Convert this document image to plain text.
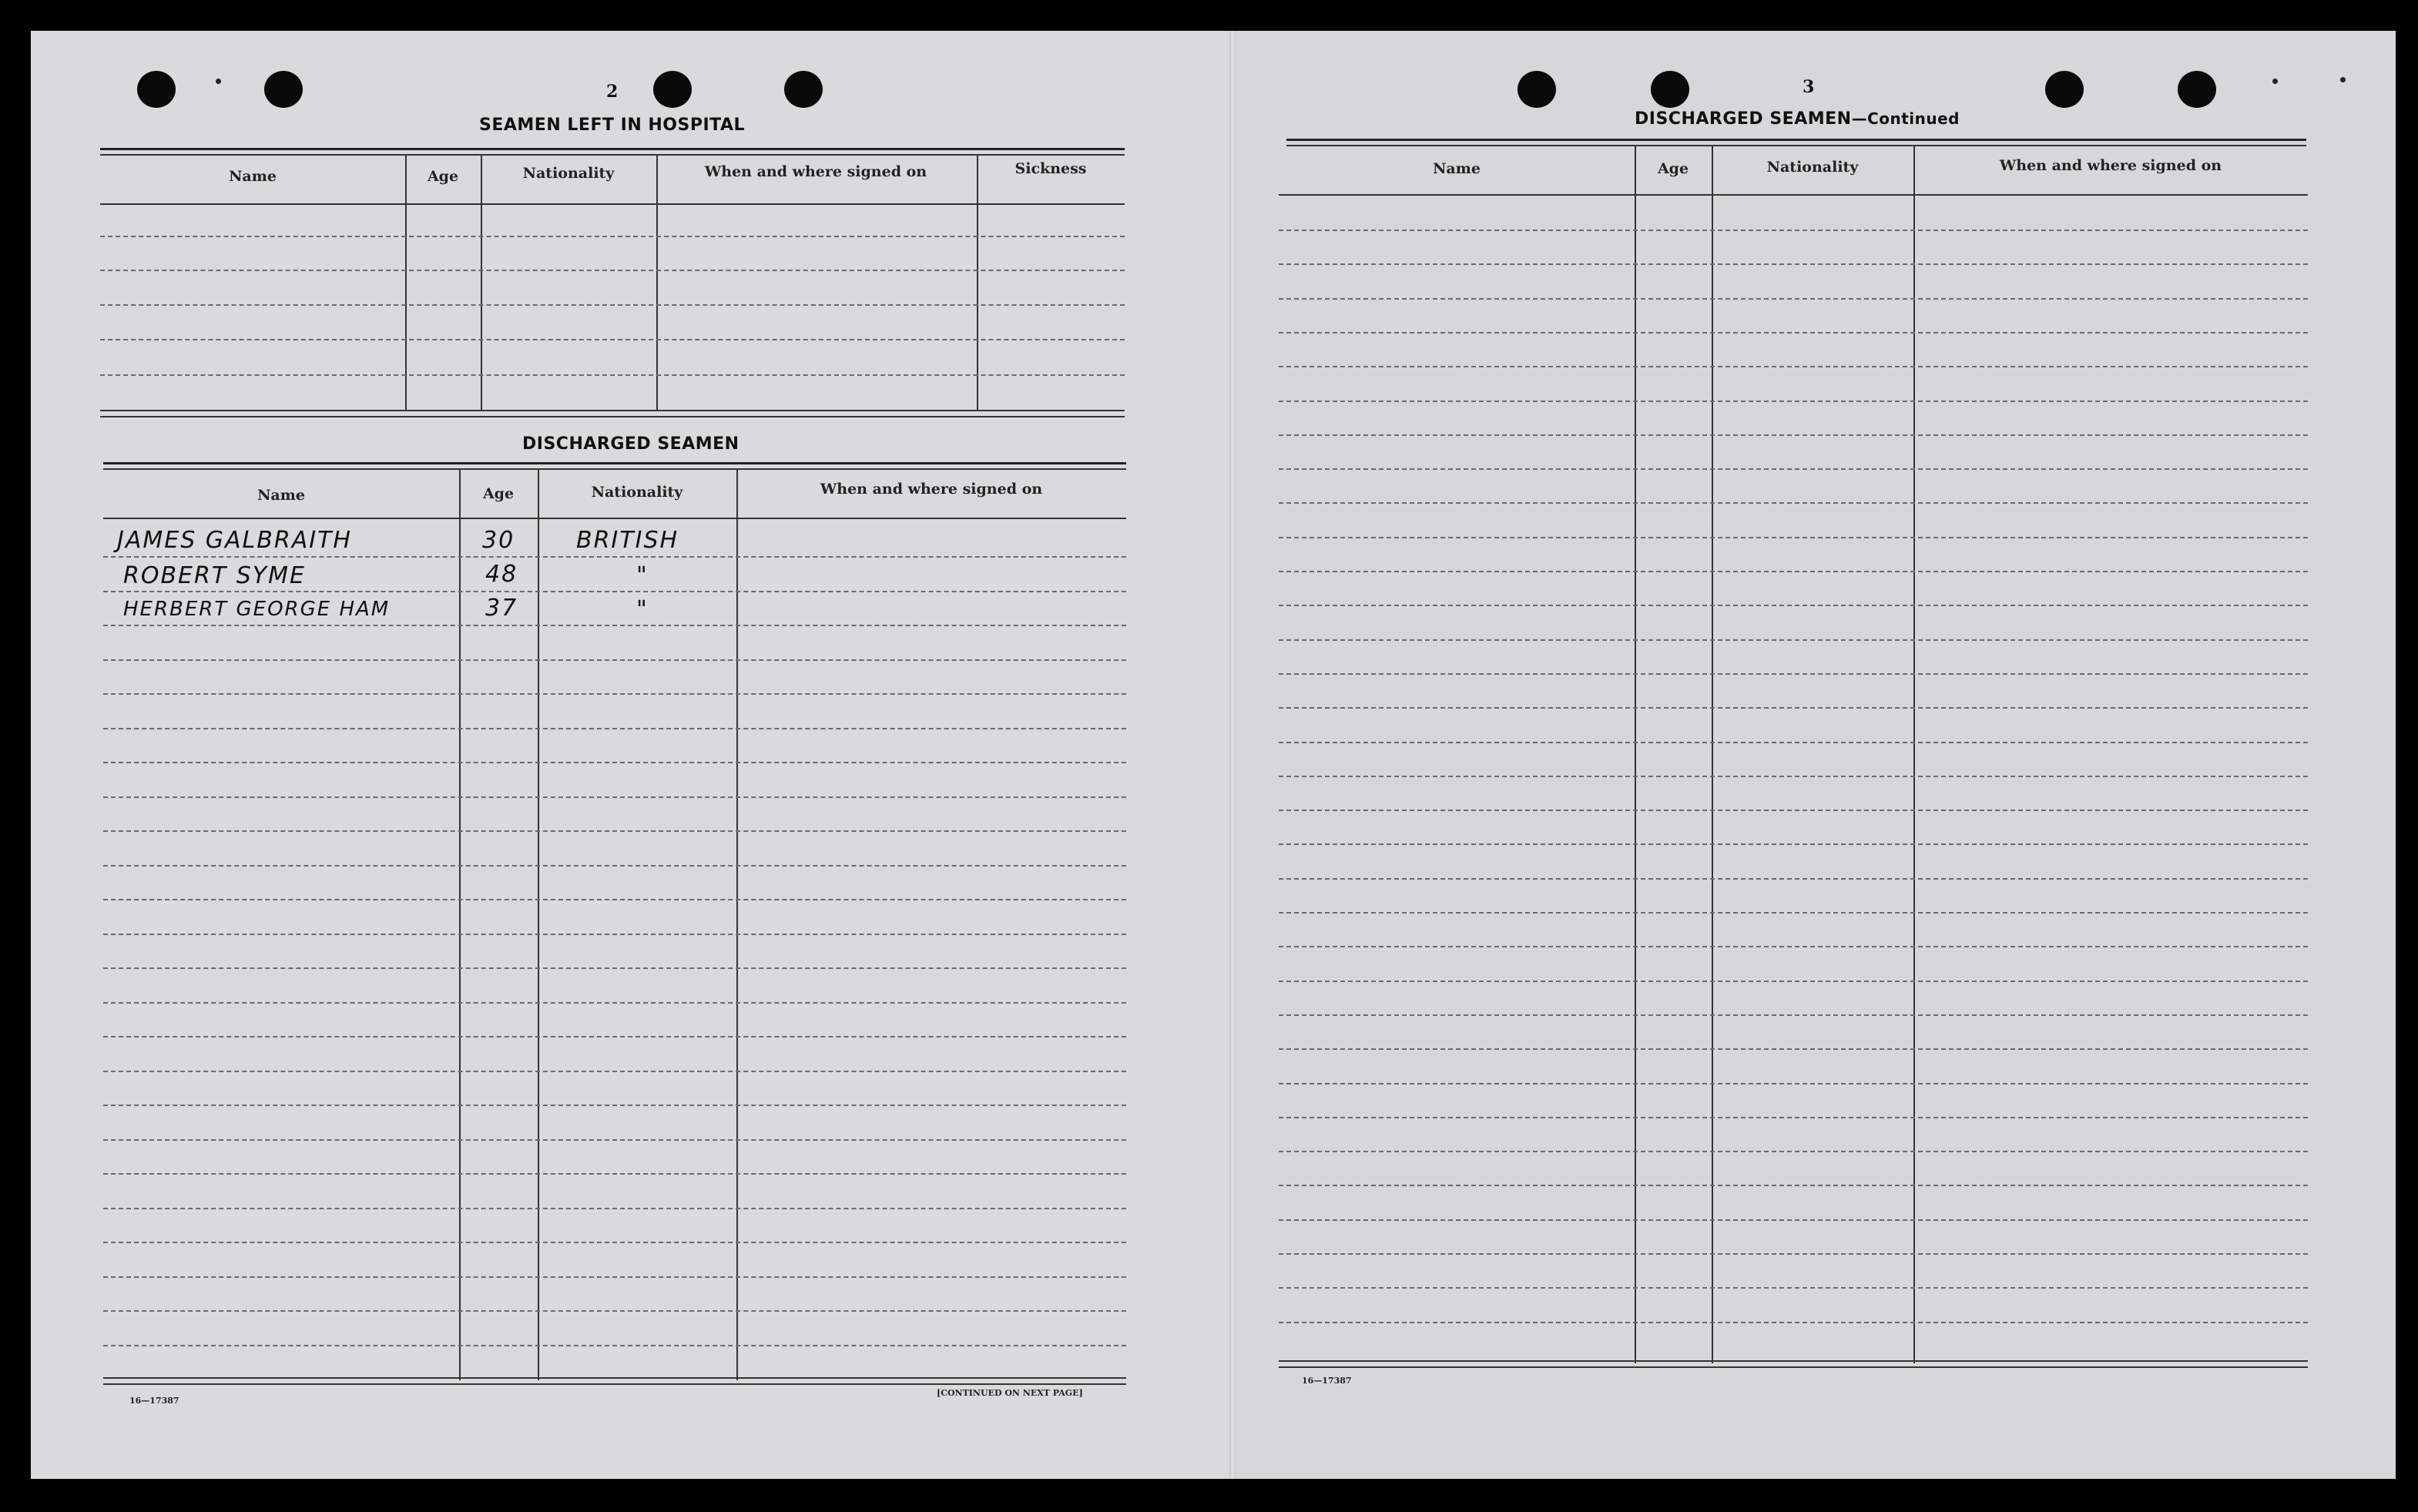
2
SEAMEN LEFT IN HOSPITAL
Name	Age	Nationality	When and where signed on	Sickness
DISCHARGED SEAMEN
Name	Age	Nationality	When and where signed on
JAMES GALBRAITH	30	BRITISH
ROBERT SYME	48	"
HERBERT GEORGE HAM	37	"
16—17387
[CONTINUED ON NEXT PAGE]
3
DISCHARGED SEAMEN—Continued
Name	Age	Nationality	When and where signed on
16—17387
